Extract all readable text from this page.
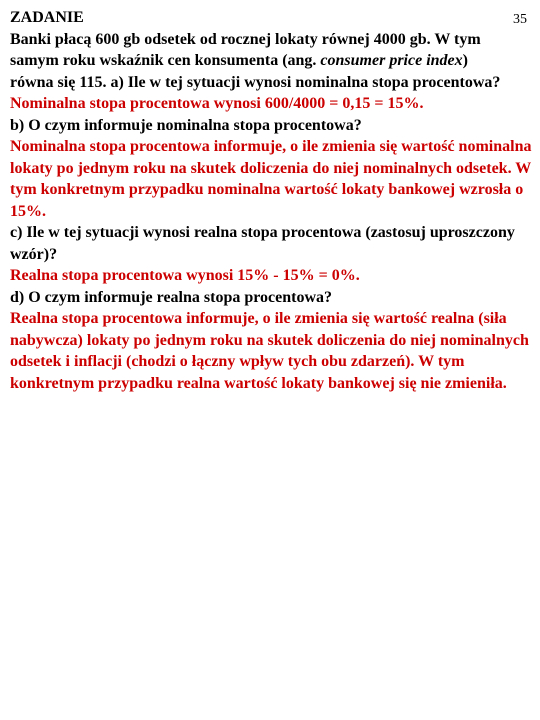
35

ZADANIE

Banki płacą 600 gb odsetek od rocznej lokaty równej 4000 gb. W tym samym roku wskaźnik cen konsumenta (ang. consumer price index) równa się 115. a) Ile w tej sytuacji wynosi nominalna stopa procentowa?

Nominalna stopa procentowa wynosi 600/4000 = 0,15 = 15%.

b) O czym informuje nominalna stopa procentowa?

Nominalna stopa procentowa informuje, o ile zmienia się wartość nominalna lokaty po jednym roku na skutek doliczenia do niej nominalnych odsetek. W tym konkretnym przypadku nominalna wartość lokaty bankowej wzrosła o 15%.

c) Ile w tej sytuacji wynosi realna stopa procentowa (zastosuj uproszczony wzór)?

Realna stopa procentowa wynosi 15% - 15% = 0%.

d) O czym informuje realna stopa procentowa?

Realna stopa procentowa informuje, o ile zmienia się wartość realna (siła nabywcza) lokaty po jednym roku na skutek doliczenia do niej nominalnych odsetek i inflacji (chodzi o łączny wpływ tych obu zdarzeń). W tym konkretnym przypadku realna wartość lokaty bankowej się nie zmieniła.
